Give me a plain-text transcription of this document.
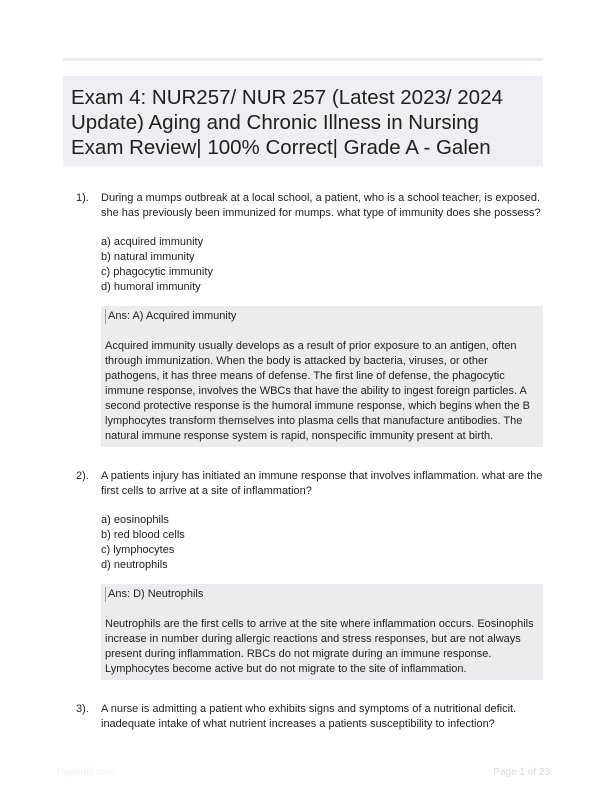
Exam 4: NUR257/ NUR 257 (Latest 2023/ 2024 Update) Aging and Chronic Illness in Nursing Exam Review| 100% Correct| Grade A - Galen
1). During a mumps outbreak at a local school, a patient, who is a school teacher, is exposed. she has previously been immunized for mumps. what type of immunity does she possess?
a) acquired immunity
b) natural immunity
c) phagocytic immunity
d) humoral immunity
Ans: A) Acquired immunity
Acquired immunity usually develops as a result of prior exposure to an antigen, often through immunization. When the body is attacked by bacteria, viruses, or other pathogens, it has three means of defense. The first line of defense, the phagocytic immune response, involves the WBCs that have the ability to ingest foreign particles. A second protective response is the humoral immune response, which begins when the B lymphocytes transform themselves into plasma cells that manufacture antibodies. The natural immune response system is rapid, nonspecific immunity present at birth.
2). A patients injury has initiated an immune response that involves inflammation. what are the first cells to arrive at a site of inflammation?
a) eosinophils
b) red blood cells
c) lymphocytes
d) neutrophils
Ans: D) Neutrophils
Neutrophils are the first cells to arrive at the site where inflammation occurs. Eosinophils increase in number during allergic reactions and stress responses, but are not always present during inflammation. RBCs do not migrate during an immune response. Lymphocytes become active but do not migrate to the site of inflammation.
3). A nurse is admitting a patient who exhibits signs and symptoms of a nutritional deficit. inadequate intake of what nutrient increases a patients susceptibility to infection?
Paperfill.com	Page 1 of 23
